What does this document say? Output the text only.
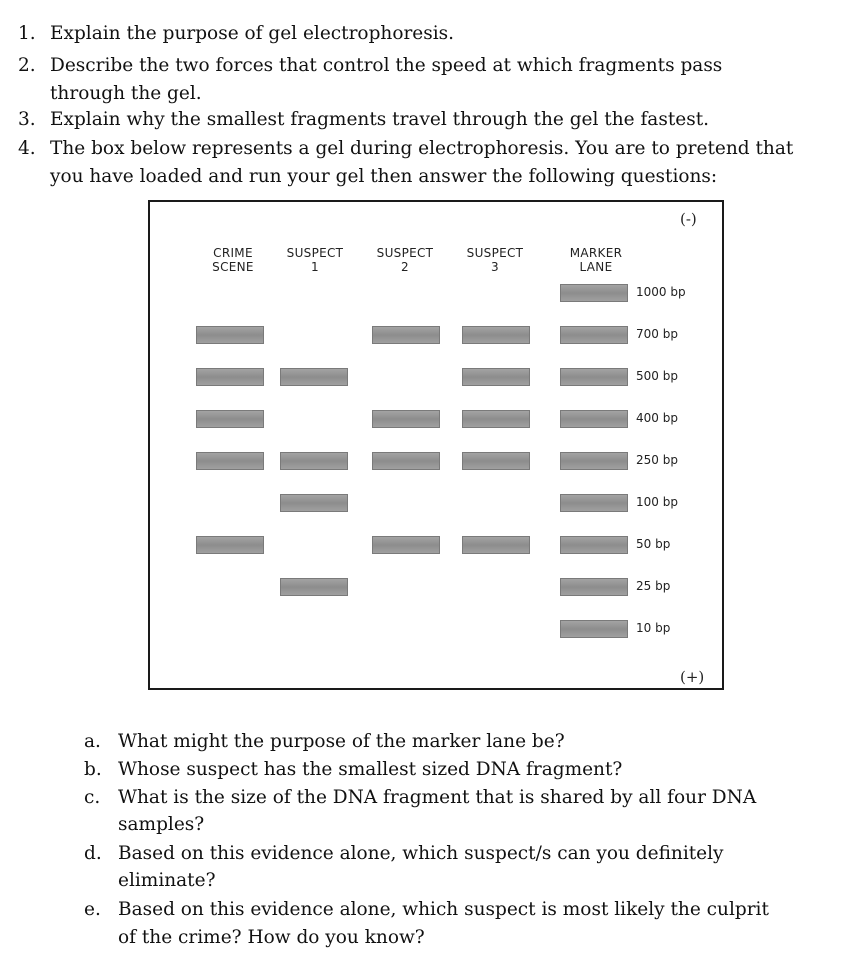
1. Explain the purpose of gel electrophoresis.
2. Describe the two forces that control the speed at which fragments pass
through the gel.
3. Explain why the smallest fragments travel through the gel the fastest.
4. The box below represents a gel during electrophoresis. You are to pretend that
you have loaded and run your gel then answer the following questions:
(-)
(+)
CRIME
SCENE
SUSPECT
1
SUSPECT
2
SUSPECT
3
MARKER
LANE
1000 bp
700 bp
500 bp
400 bp
250 bp
100 bp
50 bp
25 bp
10 bp
a. What might the purpose of the marker lane be?
b. Whose suspect has the smallest sized DNA fragment?
c. What is the size of the DNA fragment that is shared by all four DNA
samples?
d. Based on this evidence alone, which suspect/s can you definitely
eliminate?
e. Based on this evidence alone, which suspect is most likely the culprit
of the crime? How do you know?
